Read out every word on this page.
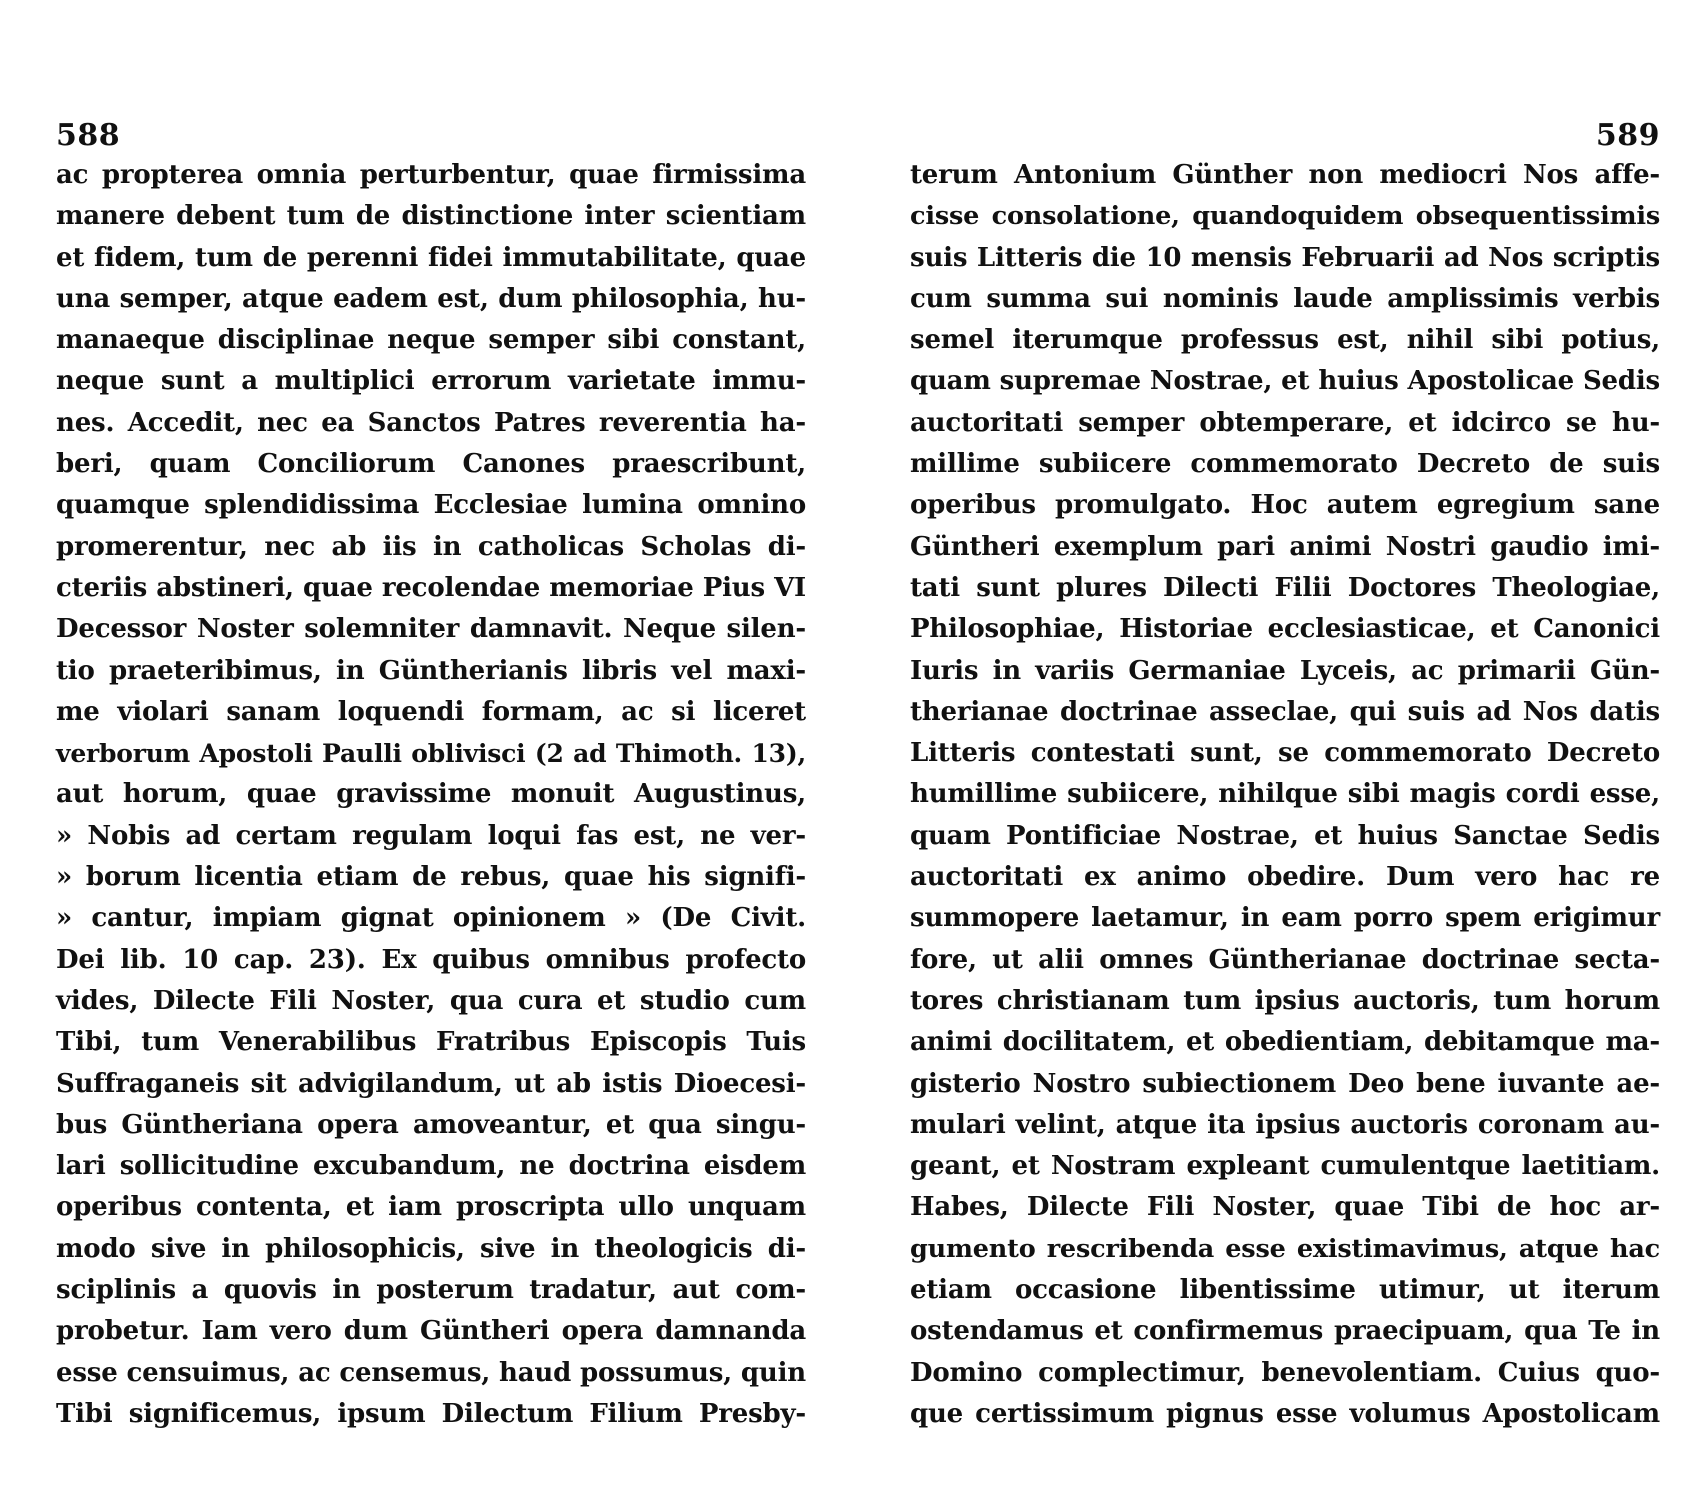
588
ac propterea omnia perturbentur, quae firmissima
manere debent tum de distinctione inter scientiam
et fidem, tum de perenni fidei immutabilitate, quae
una semper, atque eadem est, dum philosophia, hu-
manaeque disciplinae neque semper sibi constant,
neque sunt a multiplici errorum varietate immu-
nes. Accedit, nec ea Sanctos Patres reverentia ha-
beri, quam Conciliorum Canones praescribunt,
quamque splendidissima Ecclesiae lumina omnino
promerentur, nec ab iis in catholicas Scholas di-
cteriis abstineri, quae recolendae memoriae Pius VI
Decessor Noster solemniter damnavit. Neque silen-
tio praeteribimus, in Güntherianis libris vel maxi-
me violari sanam loquendi formam, ac si liceret
verborum Apostoli Paulli oblivisci (2 ad Thimoth. 13),
aut horum, quae gravissime monuit Augustinus,
» Nobis ad certam regulam loqui fas est, ne ver-
» borum licentia etiam de rebus, quae his signifi-
» cantur, impiam gignat opinionem » (De Civit.
Dei lib. 10 cap. 23). Ex quibus omnibus profecto
vides, Dilecte Fili Noster, qua cura et studio cum
Tibi, tum Venerabilibus Fratribus Episcopis Tuis
Suffraganeis sit advigilandum, ut ab istis Dioecesi-
bus Güntheriana opera amoveantur, et qua singu-
lari sollicitudine excubandum, ne doctrina eisdem
operibus contenta, et iam proscripta ullo unquam
modo sive in philosophicis, sive in theologicis di-
sciplinis a quovis in posterum tradatur, aut com-
probetur. Iam vero dum Güntheri opera damnanda
esse censuimus, ac censemus, haud possumus, quin
Tibi significemus, ipsum Dilectum Filium Presby-
589
terum Antonium Günther non mediocri Nos affe-
cisse consolatione, quandoquidem obsequentissimis
suis Litteris die 10 mensis Februarii ad Nos scriptis
cum summa sui nominis laude amplissimis verbis
semel iterumque professus est, nihil sibi potius,
quam supremae Nostrae, et huius Apostolicae Sedis
auctoritati semper obtemperare, et idcirco se hu-
millime subiicere commemorato Decreto de suis
operibus promulgato. Hoc autem egregium sane
Güntheri exemplum pari animi Nostri gaudio imi-
tati sunt plures Dilecti Filii Doctores Theologiae,
Philosophiae, Historiae ecclesiasticae, et Canonici
Iuris in variis Germaniae Lyceis, ac primarii Gün-
therianae doctrinae asseclae, qui suis ad Nos datis
Litteris contestati sunt, se commemorato Decreto
humillime subiicere, nihilque sibi magis cordi esse,
quam Pontificiae Nostrae, et huius Sanctae Sedis
auctoritati ex animo obedire. Dum vero hac re
summopere laetamur, in eam porro spem erigimur
fore, ut alii omnes Güntherianae doctrinae secta-
tores christianam tum ipsius auctoris, tum horum
animi docilitatem, et obedientiam, debitamque ma-
gisterio Nostro subiectionem Deo bene iuvante ae-
mulari velint, atque ita ipsius auctoris coronam au-
geant, et Nostram expleant cumulentque laetitiam.
Habes, Dilecte Fili Noster, quae Tibi de hoc ar-
gumento rescribenda esse existimavimus, atque hac
etiam occasione libentissime utimur, ut iterum
ostendamus et confirmemus praecipuam, qua Te in
Domino complectimur, benevolentiam. Cuius quo-
que certissimum pignus esse volumus Apostolicam
